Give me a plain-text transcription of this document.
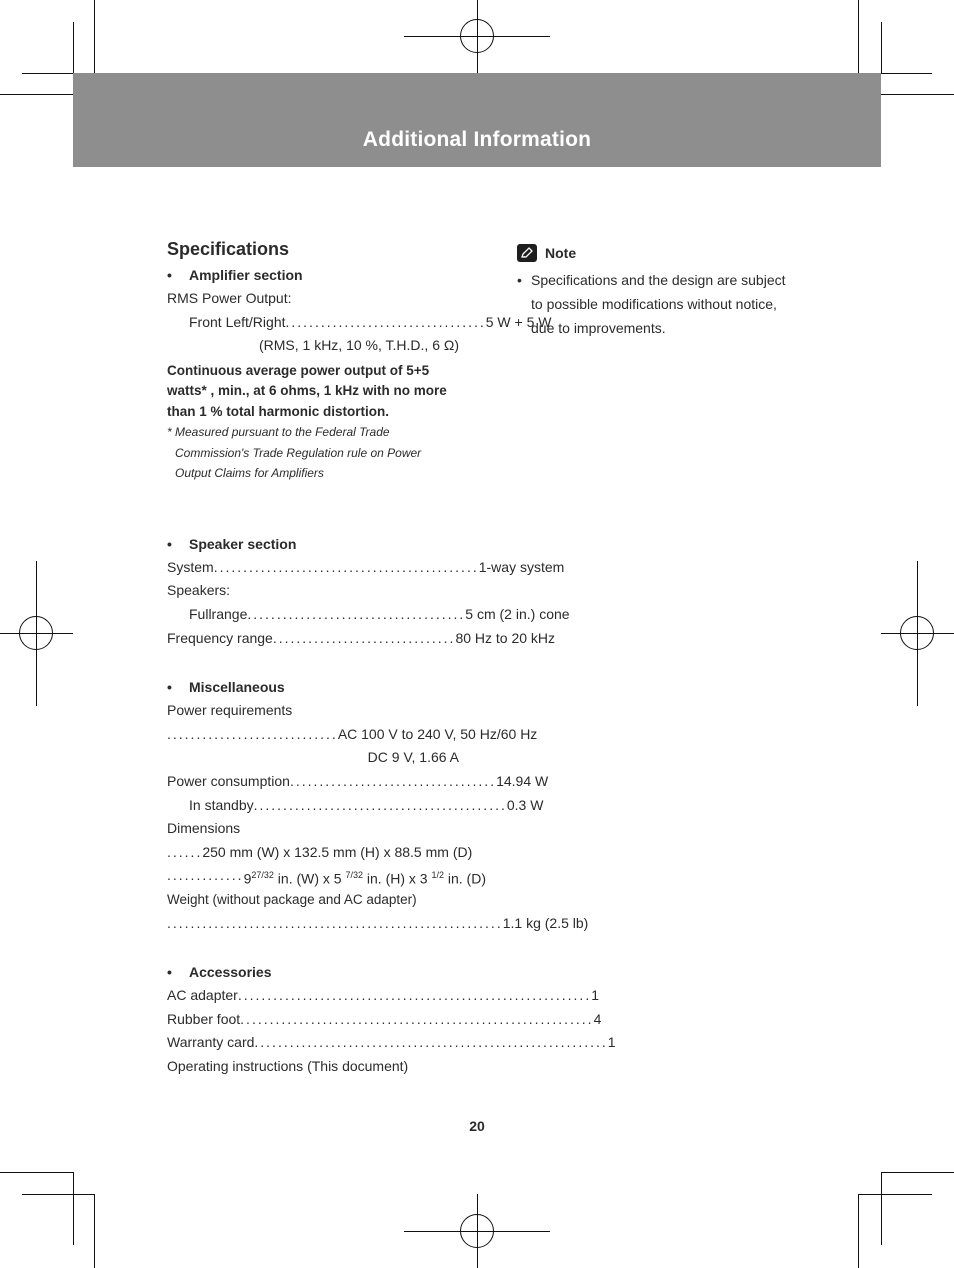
Additional Information
Specifications
• Amplifier section
RMS Power Output:
Front Left/Right .................................. 5 W + 5 W
(RMS, 1 kHz, 10 %, T.H.D., 6 Ω)
Continuous average power output of 5+5 watts* , min., at 6 ohms, 1 kHz with no more than 1 % total harmonic distortion.
* Measured pursuant to the Federal Trade Commission's Trade Regulation rule on Power Output Claims for Amplifiers
• Speaker section
System ............................................. 1-way system
Speakers:
Fullrange ..................................... 5 cm (2 in.) cone
Frequency range ............................... 80 Hz to 20 kHz
• Miscellaneous
Power requirements
............................. AC 100 V to 240 V, 50 Hz/60 Hz
DC 9 V, 1.66 A
Power consumption ................................... 14.94 W
In standby ........................................... 0.3 W
Dimensions
...... 250 mm (W) x 132.5 mm (H) x 88.5 mm (D)
............. $9^{27/32}$ in. (W) x 5 $^{7/32}$ in. (H) x 3 $^{1/2}$ in. (D)
Weight (without package and AC adapter)
......................................................... 1.1 kg (2.5 lb)
• Accessories
AC adapter ............................................................ 1
Rubber foot ............................................................ 4
Warranty card ............................................................ 1
Operating instructions (This document)
Note
• Specifications and the design are subject to possible modifications without notice, due to improvements.
20
